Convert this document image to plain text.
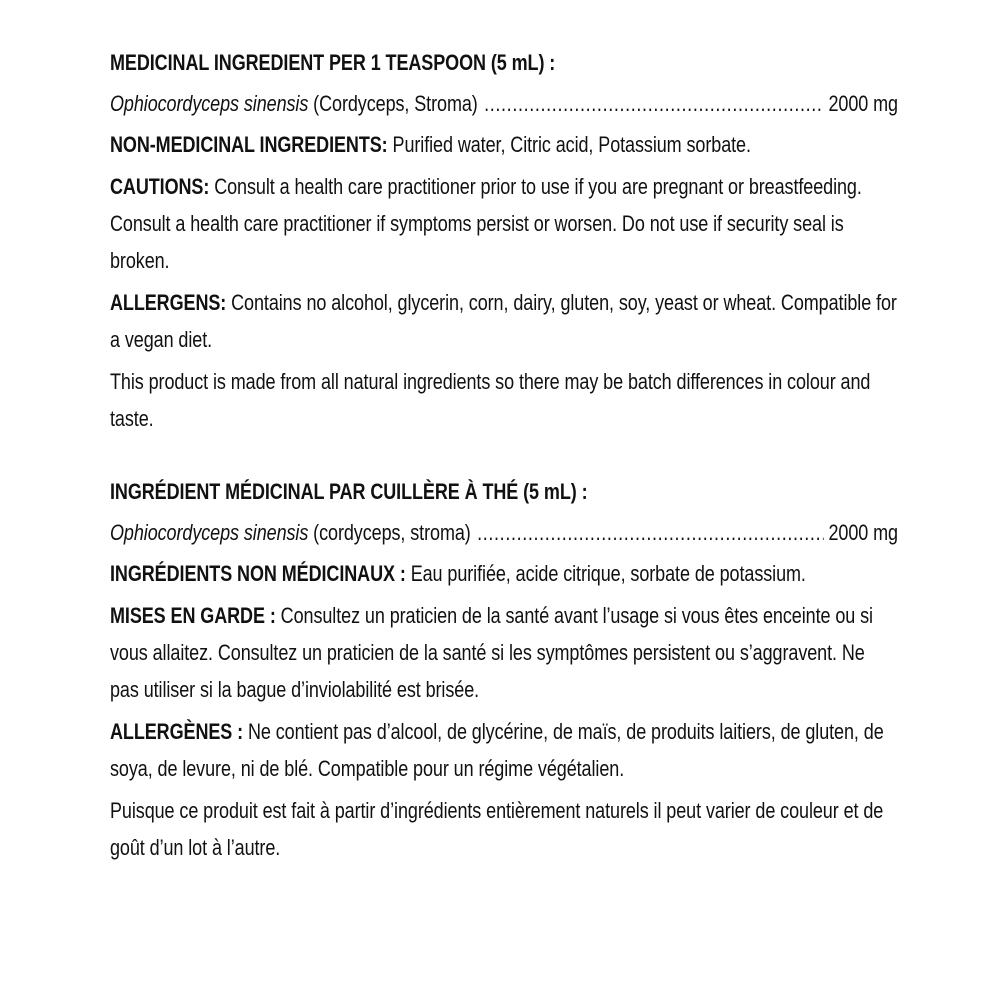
MEDICINAL INGREDIENT PER 1 TEASPOON (5 mL) :

Ophiocordyceps sinensis (Cordyceps, Stroma) .....	2000 mg

NON-MEDICINAL INGREDIENTS: Purified water, Citric acid, Potassium sorbate.

CAUTIONS: Consult a health care practitioner prior to use if you are pregnant or breastfeeding. Consult a health care practitioner if symptoms persist or worsen. Do not use if security seal is broken.

ALLERGENS: Contains no alcohol, glycerin, corn, dairy, gluten, soy, yeast or wheat. Compatible for a vegan diet.

This product is made from all natural ingredients so there may be batch differences in colour and taste.

INGRÉDIENT MÉDICINAL PAR CUILLÈRE À THÉ (5 mL) :

Ophiocordyceps sinensis (cordyceps, stroma) .....	2000 mg

INGRÉDIENTS NON MÉDICINAUX : Eau purifiée, acide citrique, sorbate de potassium.

MISES EN GARDE : Consultez un praticien de la santé avant l’usage si vous êtes enceinte ou si vous allaitez. Consultez un praticien de la santé si les symptômes persistent ou s’aggravent. Ne pas utiliser si la bague d’inviolabilité est brisée.

ALLERGÈNES : Ne contient pas d’alcool, de glycérine, de maïs, de produits laitiers, de gluten, de soya, de levure, ni de blé. Compatible pour un régime végétalien.

Puisque ce produit est fait à partir d’ingrédients entièrement naturels il peut varier de couleur et de goût d’un lot à l’autre.
